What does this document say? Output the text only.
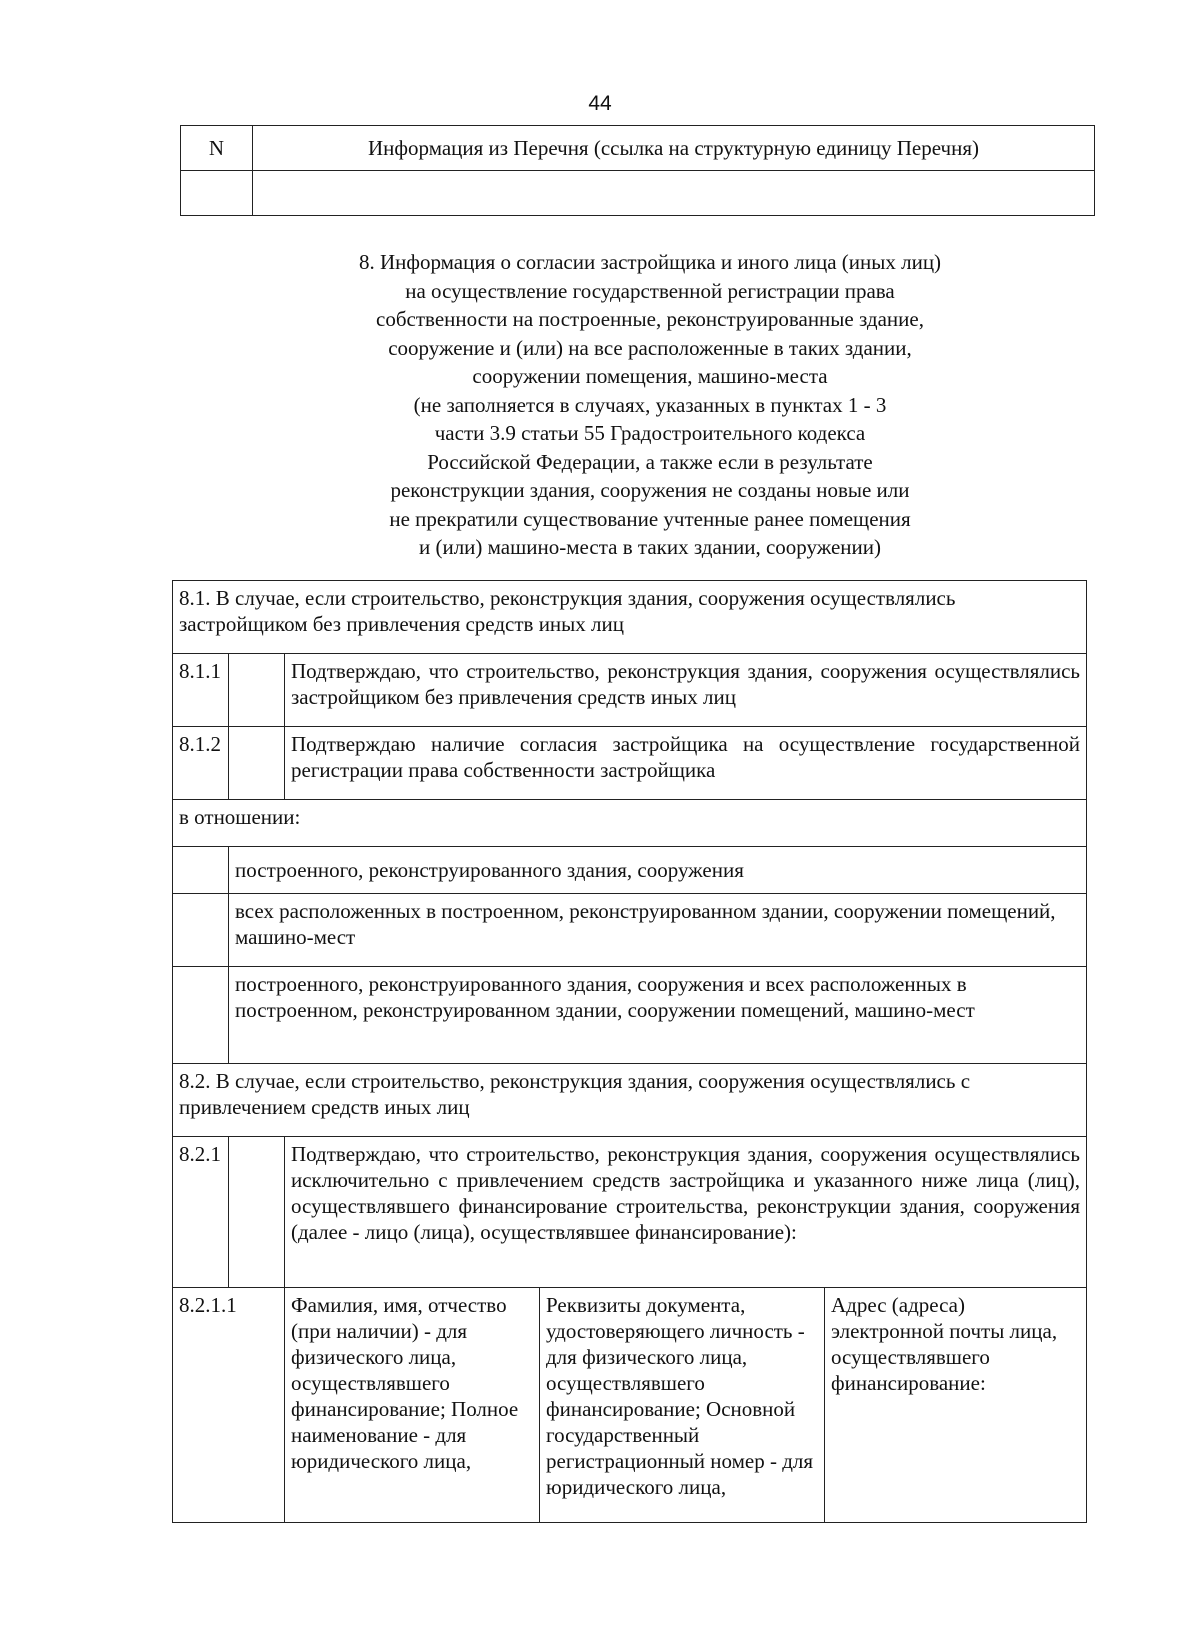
44
N	Информация из Перечня (ссылка на структурную единицу Перечня)

8. Информация о согласии застройщика и иного лица (иных лиц)
на осуществление государственной регистрации права
собственности на построенные, реконструированные здание,
сооружение и (или) на все расположенные в таких здании,
сооружении помещения, машино-места
(не заполняется в случаях, указанных в пунктах 1 - 3
части 3.9 статьи 55 Градостроительного кодекса
Российской Федерации, а также если в результате
реконструкции здания, сооружения не созданы новые или
не прекратили существование учтенные ранее помещения
и (или) машино-места в таких здании, сооружении)
8.1. В случае, если строительство, реконструкция здания, сооружения осуществлялись застройщиком без привлечения средств иных лиц				
8.1.1		Подтверждаю, что строительство, реконструкция здания, сооружения осуществлялись застройщиком без привлечения средств иных лиц		
8.1.2		Подтверждаю наличие согласия застройщика на осуществление государственной регистрации права собственности застройщика		
в отношении:				
	построенного, реконструированного здания, сооружения			
	всех расположенных в построенном, реконструированном здании, сооружении помещений, машино-мест			
	построенного, реконструированного здания, сооружения и всех расположенных в построенном, реконструированном здании, сооружении помещений, машино-мест			
8.2. В случае, если строительство, реконструкция здания, сооружения осуществлялись с привлечением средств иных лиц				
8.2.1		Подтверждаю, что строительство, реконструкция здания, сооружения осуществлялись исключительно с привлечением средств застройщика и указанного ниже лица (лиц), осуществлявшего финансирование строительства, реконструкции здания, сооружения (далее - лицо (лица), осуществлявшее финансирование):		
8.2.1.1		Фамилия, имя, отчество (при наличии) - для физического лица, осуществлявшего финансирование; Полное наименование - для юридического лица,	Реквизиты документа, удостоверяющего личность - для физического лица, осуществлявшего финансирование; Основной государственный регистрационный номер - для юридического лица,	Адрес (адреса) электронной почты лица, осуществлявшего финансирование:
